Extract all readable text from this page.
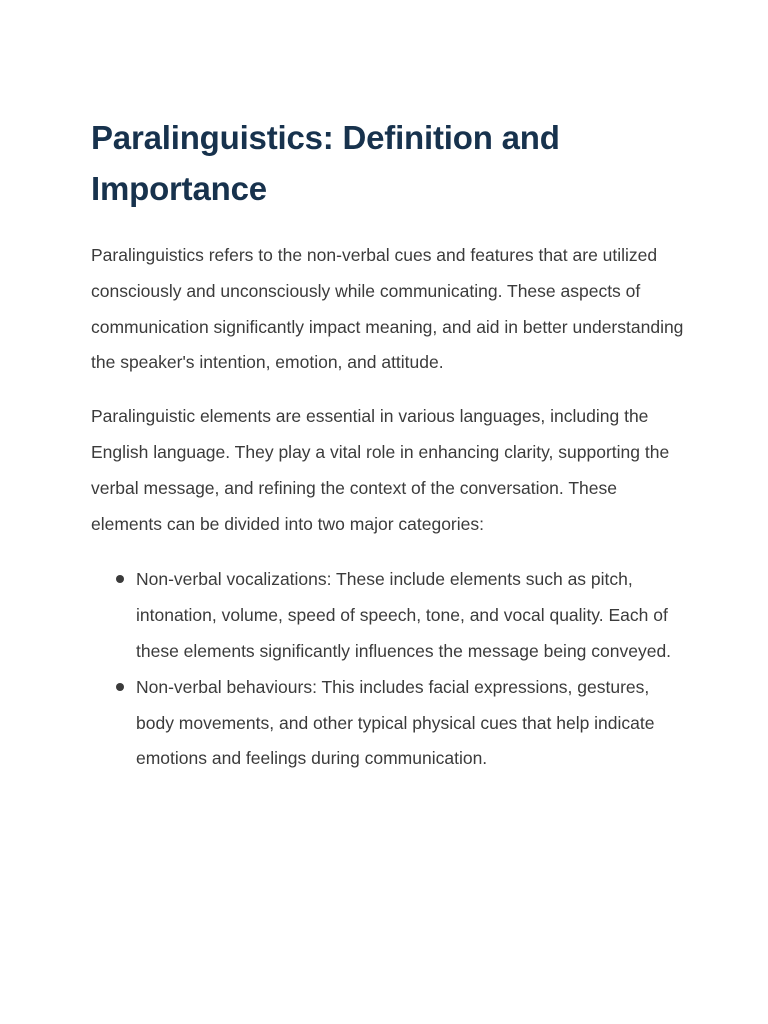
Paralinguistics: Definition and Importance

Paralinguistics refers to the non-verbal cues and features that are utilized consciously and unconsciously while communicating. These aspects of communication significantly impact meaning, and aid in better understanding the speaker's intention, emotion, and attitude.

Paralinguistic elements are essential in various languages, including the English language. They play a vital role in enhancing clarity, supporting the verbal message, and refining the context of the conversation. These elements can be divided into two major categories:

Non-verbal vocalizations: These include elements such as pitch, intonation, volume, speed of speech, tone, and vocal quality. Each of these elements significantly influences the message being conveyed.
Non-verbal behaviours: This includes facial expressions, gestures, body movements, and other typical physical cues that help indicate emotions and feelings during communication.
